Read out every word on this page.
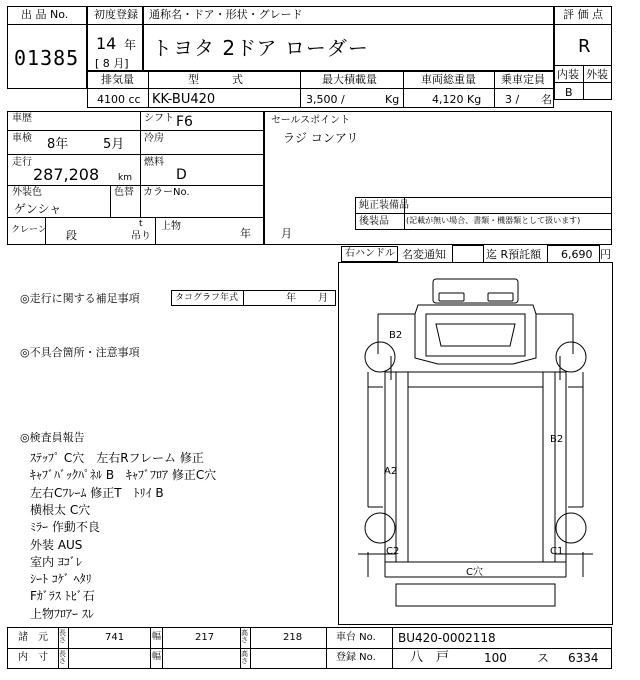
出 品 No.
01385
初度登録
14 年
[ 8 月]
通称名・ドア・形状・グレード
トヨタ 2ドア ローダー
評 価 点
R
内装 外装
B
排気量
4100 cc
型　　　式
KK-BU420
最大積載量
3,500 /	Kg
車両総重量
4,120 Kg
乗車定員
3 / 名
車歴	シフト F6
車検 8年	5月 冷房
走行
287,208 km
燃料
D
外装色
ゲンシャ
色替 カラーNo.
クレーン 段
t
吊り
上物
年	月
セールスポイント
ラジ コンアリ
純正装備品
後装品 (記載が無い場合、書類・機器類として扱います)
右ハンドル 名変通知	迄 R預託額 6,690 円
◎走行に関する補足事項	タコグラフ年式	年 月
◎不具合箇所・注意事項
◎検査員報告
ｽﾃｯﾌﾟ C穴　左右Rフレーム 修正
ｷｬﾌﾞﾊﾞｯｸﾊﾟﾈﾙ B　ｷｬﾌﾞﾌﾛｱ 修正C穴
左右Cﾌﾚｰﾑ 修正T　ﾄﾘｲ B
横根太 C穴
ﾐﾗｰ 作動不良
外装 AUS
室内 ﾖｺﾞﾚ
ｼｰﾄ ｺｹﾞ ﾍﾀﾘ
Fｶﾞﾗｽ ﾄﾋﾞ石
上物ﾌﾛｱｰ ｽﾚ
B2
B2
A2
C2	C1
C穴
諸　元 長さ	741	幅	217	高さ	218	車台 No. BU420-0002118
内　寸 長さ	幅	高さ	登録 No.	八　戸	100	ス 6334
